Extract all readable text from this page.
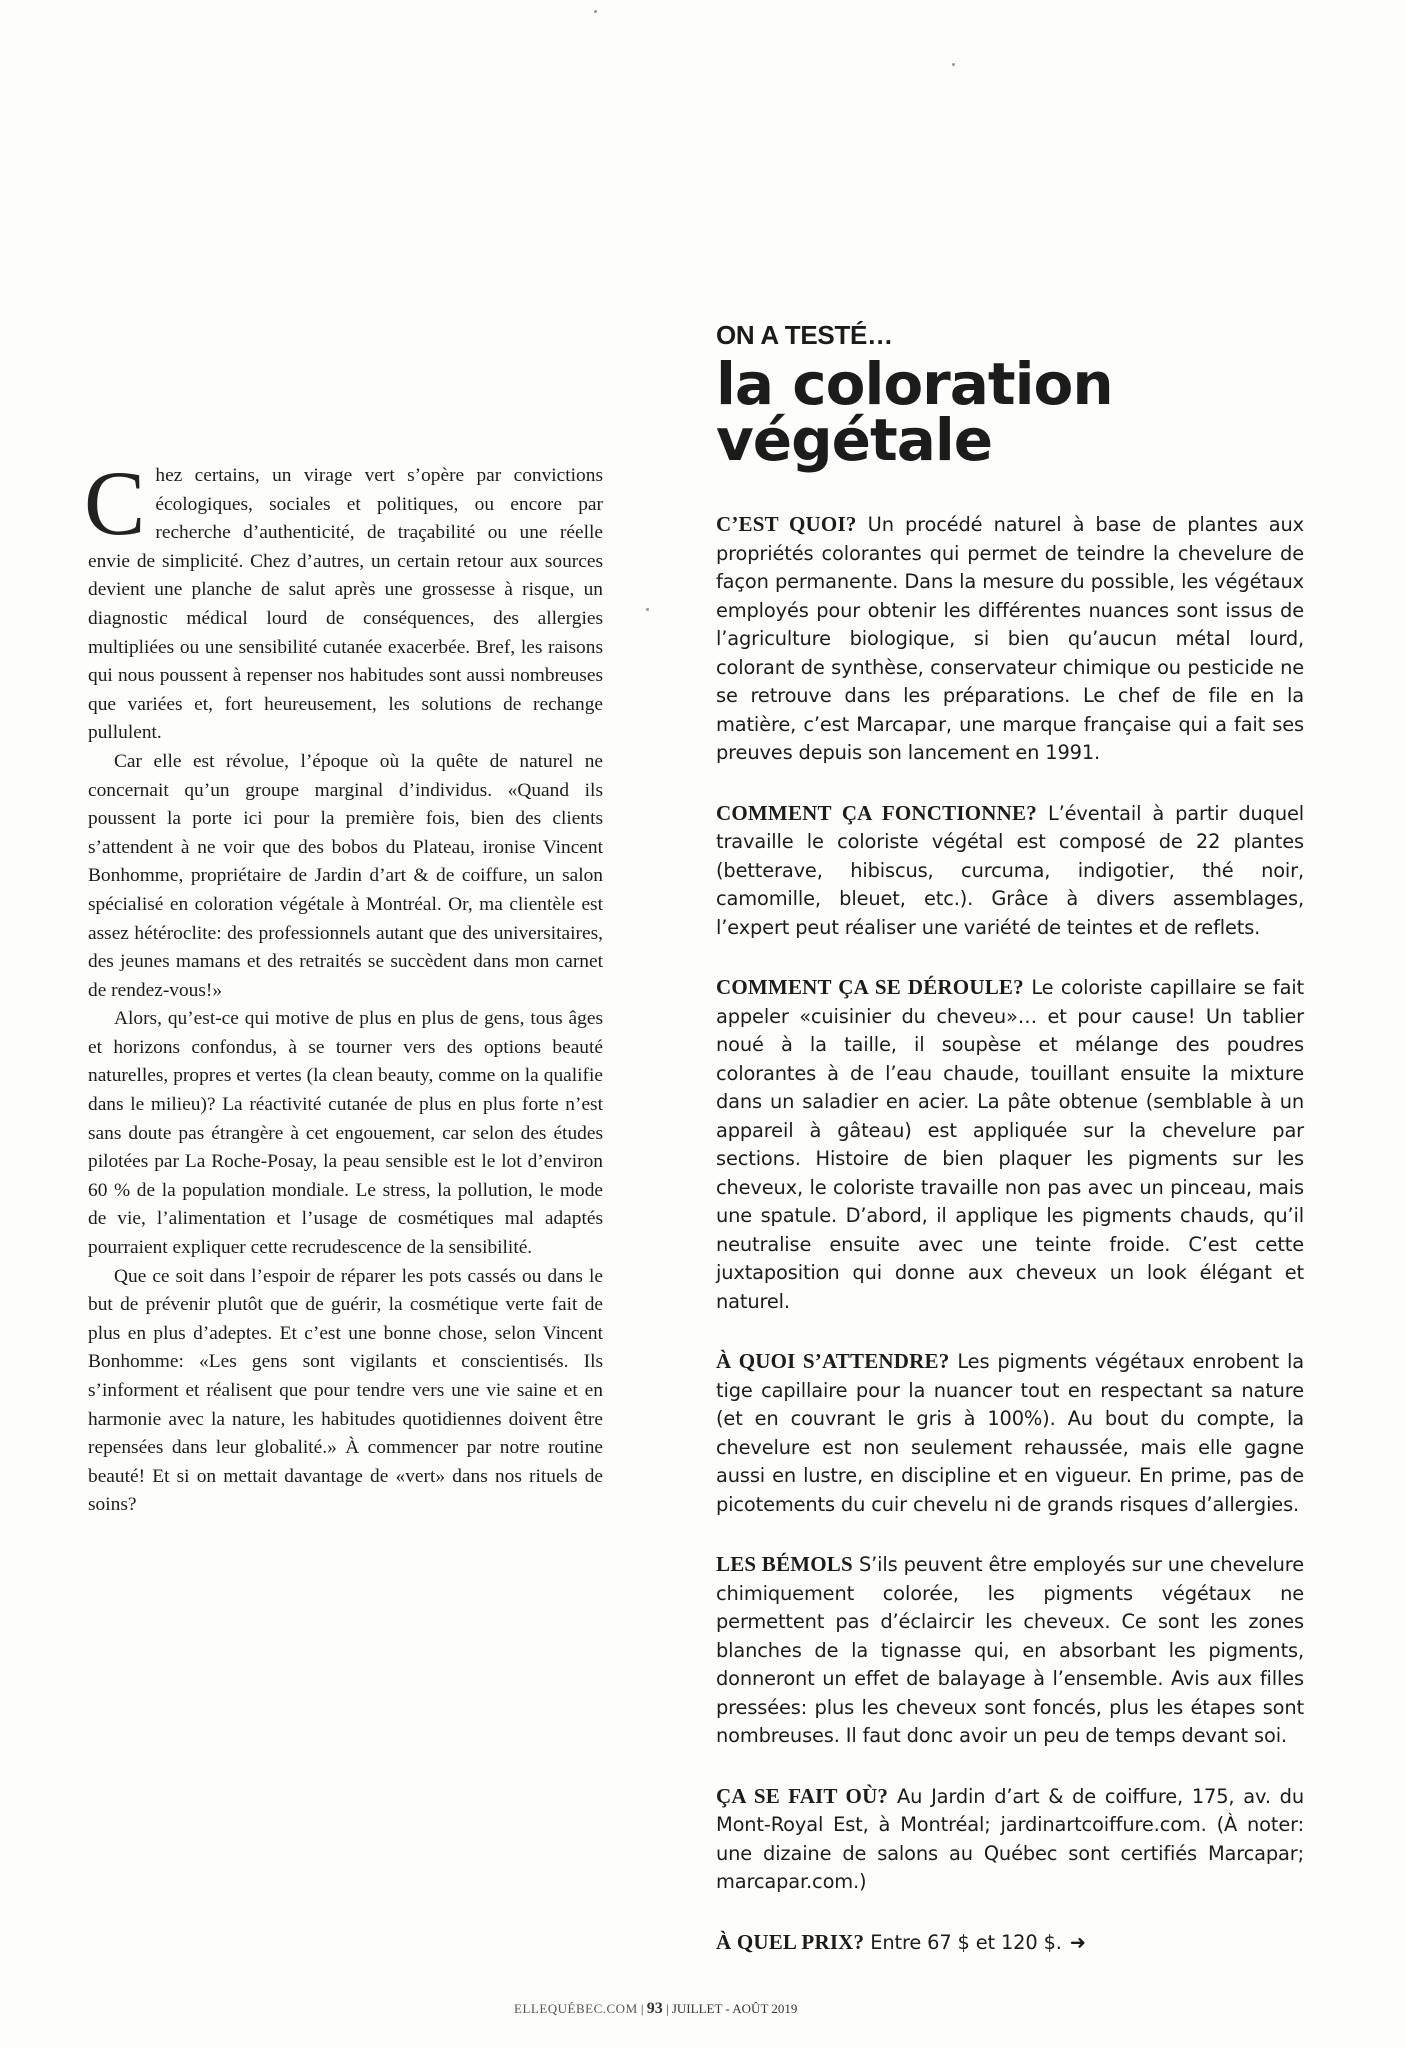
Chez certains, un virage vert s’opère par convictions écologiques, sociales et politiques, ou encore par recherche d’authenticité, de traçabilité ou une réelle envie de simplicité. Chez d’autres, un certain retour aux sources devient une planche de salut après une grossesse à risque, un diagnostic médical lourd de conséquences, des allergies multipliées ou une sensibilité cutanée exacerbée. Bref, les raisons qui nous poussent à repenser nos habitudes sont aussi nombreuses que variées et, fort heureusement, les solutions de rechange pullulent.

Car elle est révolue, l’époque où la quête de naturel ne concernait qu’un groupe marginal d’individus. «Quand ils poussent la porte ici pour la première fois, bien des clients s’attendent à ne voir que des bobos du Plateau, ironise Vincent Bonhomme, propriétaire de Jardin d’art & de coiffure, un salon spécialisé en coloration végétale à Montréal. Or, ma clientèle est assez hétéroclite: des professionnels autant que des universitaires, des jeunes mamans et des retraités se succèdent dans mon carnet de rendez-vous!»

Alors, qu’est-ce qui motive de plus en plus de gens, tous âges et horizons confondus, à se tourner vers des options beauté naturelles, propres et vertes (la clean beauty, comme on la qualifie dans le milieu)? La réactivité cutanée de plus en plus forte n’est sans doute pas étrangère à cet engouement, car selon des études pilotées par La Roche-Posay, la peau sensible est le lot d’environ 60 % de la population mondiale. Le stress, la pollution, le mode de vie, l’alimentation et l’usage de cosmétiques mal adaptés pourraient expliquer cette recrudescence de la sensibilité.

Que ce soit dans l’espoir de réparer les pots cassés ou dans le but de prévenir plutôt que de guérir, la cosmétique verte fait de plus en plus d’adeptes. Et c’est une bonne chose, selon Vincent Bonhomme: «Les gens sont vigilants et conscientisés. Ils s’informent et réalisent que pour tendre vers une vie saine et en harmonie avec la nature, les habitudes quotidiennes doivent être repensées dans leur globalité.» À commencer par notre routine beauté! Et si on mettait davantage de «vert» dans nos rituels de soins?

ON A TESTÉ…
la coloration
végétale
C’EST QUOI? Un procédé naturel à base de plantes aux propriétés colorantes qui permet de teindre la chevelure de façon permanente. Dans la mesure du possible, les végétaux employés pour obtenir les différentes nuances sont issus de l’agriculture biologique, si bien qu’aucun métal lourd, colorant de synthèse, conservateur chimique ou pesticide ne se retrouve dans les préparations. Le chef de file en la matière, c’est Marcapar, une marque française qui a fait ses preuves depuis son lancement en 1991.
COMMENT ÇA FONCTIONNE? L’éventail à partir duquel travaille le coloriste végétal est composé de 22 plantes (betterave, hibiscus, curcuma, indigotier, thé noir, camomille, bleuet, etc.). Grâce à divers assemblages, l’expert peut réaliser une variété de teintes et de reflets.
COMMENT ÇA SE DÉROULE? Le coloriste capillaire se fait appeler «cuisinier du cheveu»… et pour cause! Un tablier noué à la taille, il soupèse et mélange des poudres colorantes à de l’eau chaude, touillant ensuite la mixture dans un saladier en acier. La pâte obtenue (semblable à un appareil à gâteau) est appliquée sur la chevelure par sections. Histoire de bien plaquer les pigments sur les cheveux, le coloriste travaille non pas avec un pinceau, mais une spatule. D’abord, il applique les pigments chauds, qu’il neutralise ensuite avec une teinte froide. C’est cette juxtaposition qui donne aux cheveux un look élégant et naturel.
À QUOI S’ATTENDRE? Les pigments végétaux enrobent la tige capillaire pour la nuancer tout en respectant sa nature (et en couvrant le gris à 100%). Au bout du compte, la chevelure est non seulement rehaussée, mais elle gagne aussi en lustre, en discipline et en vigueur. En prime, pas de picotements du cuir chevelu ni de grands risques d’allergies.
LES BÉMOLS S’ils peuvent être employés sur une chevelure chimiquement colorée, les pigments végétaux ne permettent pas d’éclaircir les cheveux. Ce sont les zones blanches de la tignasse qui, en absorbant les pigments, donneront un effet de balayage à l’ensemble. Avis aux filles pressées: plus les cheveux sont foncés, plus les étapes sont nombreuses. Il faut donc avoir un peu de temps devant soi.
ÇA SE FAIT OÙ? Au Jardin d’art & de coiffure, 175, av. du Mont-Royal Est, à Montréal; jardinartcoiffure.com. (À noter: une dizaine de salons au Québec sont certifiés Marcapar; marcapar.com.)
À QUEL PRIX? Entre 67 $ et 120 $. ➜
ELLEQUÉBEC.COM | 93 | JUILLET - AOÛT 2019
